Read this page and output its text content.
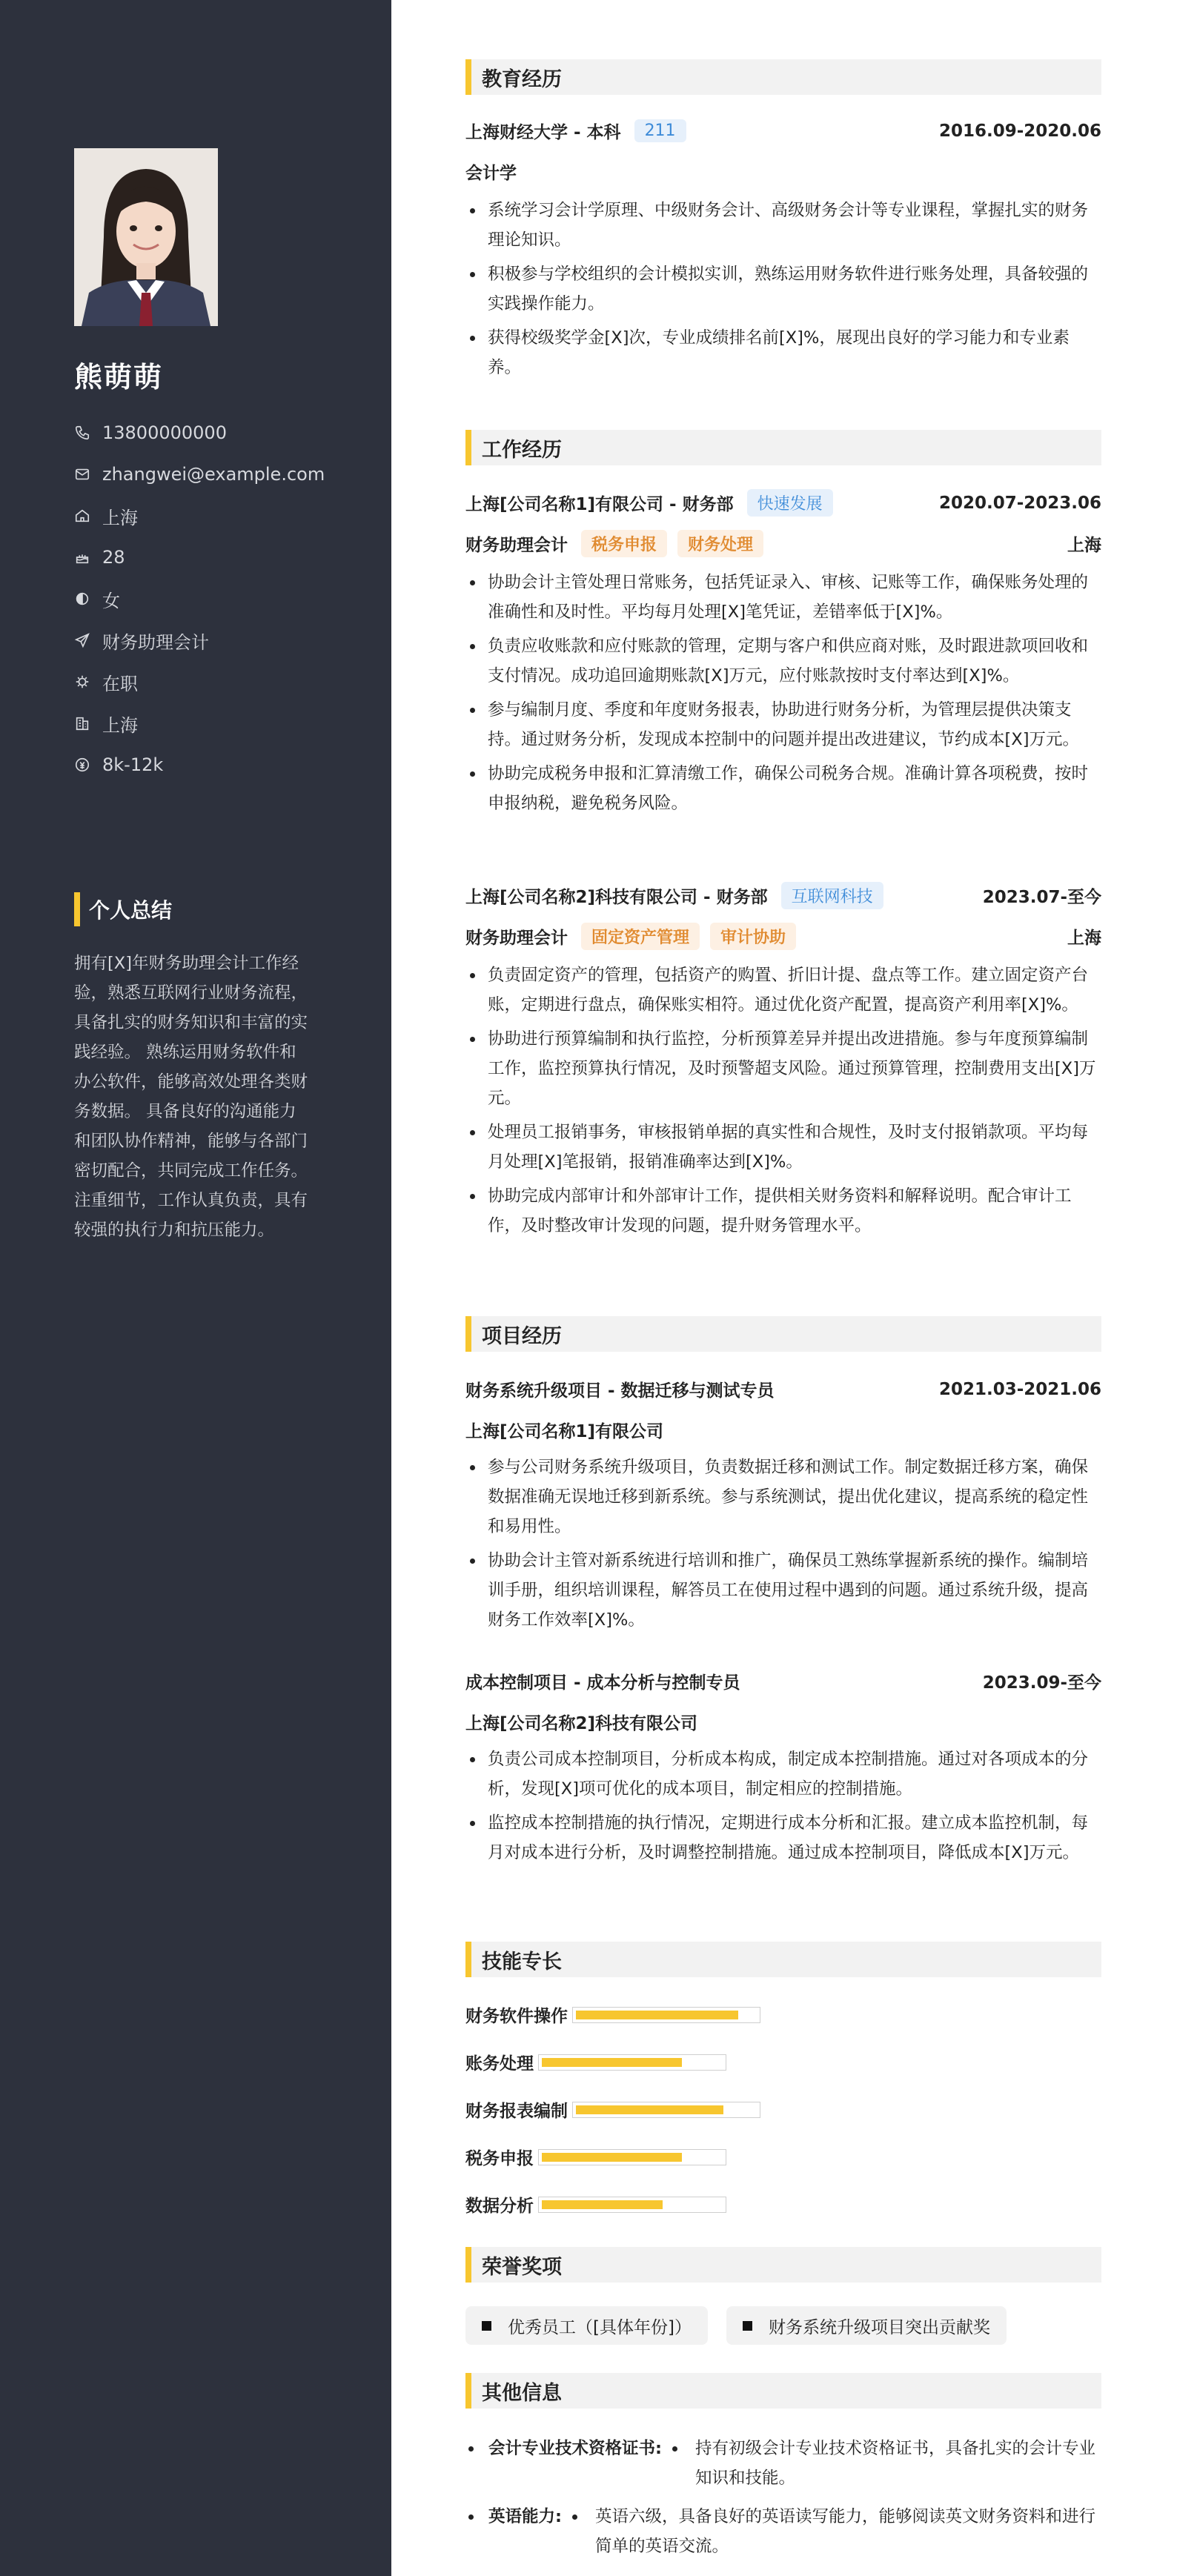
熊萌萌
13800000000
zhangwei@example.com
上海
28
女
财务助理会计
在职
上海
8k-12k
个人总结
拥有[X]年财务助理会计工作经验，熟悉互联网行业财务流程，具备扎实的财务知识和丰富的实践经验。 熟练运用财务软件和办公软件，能够高效处理各类财务数据。 具备良好的沟通能力和团队协作精神，能够与各部门密切配合，共同完成工作任务。 注重细节，工作认真负责，具有较强的执行力和抗压能力。
教育经历
上海财经大学 - 本科	211	2016.09-2020.06
会计学
系统学习会计学原理、中级财务会计、高级财务会计等专业课程，掌握扎实的财务理论知识。
积极参与学校组织的会计模拟实训，熟练运用财务软件进行账务处理，具备较强的实践操作能力。
获得校级奖学金[X]次，专业成绩排名前[X]%，展现出良好的学习能力和专业素养。
工作经历
上海[公司名称1]有限公司 - 财务部	快速发展	2020.07-2023.06
财务助理会计	税务申报	财务处理	上海
协助会计主管处理日常账务，包括凭证录入、审核、记账等工作，确保账务处理的准确性和及时性。平均每月处理[X]笔凭证，差错率低于[X]%。
负责应收账款和应付账款的管理，定期与客户和供应商对账，及时跟进款项回收和支付情况。成功追回逾期账款[X]万元，应付账款按时支付率达到[X]%。
参与编制月度、季度和年度财务报表，协助进行财务分析，为管理层提供决策支持。通过财务分析，发现成本控制中的问题并提出改进建议，节约成本[X]万元。
协助完成税务申报和汇算清缴工作，确保公司税务合规。准确计算各项税费，按时申报纳税，避免税务风险。
上海[公司名称2]科技有限公司 - 财务部	互联网科技	2023.07-至今
财务助理会计	固定资产管理	审计协助	上海
负责固定资产的管理，包括资产的购置、折旧计提、盘点等工作。建立固定资产台账，定期进行盘点，确保账实相符。通过优化资产配置，提高资产利用率[X]%。
协助进行预算编制和执行监控，分析预算差异并提出改进措施。参与年度预算编制工作，监控预算执行情况，及时预警超支风险。通过预算管理，控制费用支出[X]万元。
处理员工报销事务，审核报销单据的真实性和合规性，及时支付报销款项。平均每月处理[X]笔报销，报销准确率达到[X]%。
协助完成内部审计和外部审计工作，提供相关财务资料和解释说明。配合审计工作，及时整改审计发现的问题，提升财务管理水平。
项目经历
财务系统升级项目 - 数据迁移与测试专员	2021.03-2021.06
上海[公司名称1]有限公司
参与公司财务系统升级项目，负责数据迁移和测试工作。制定数据迁移方案，确保数据准确无误地迁移到新系统。参与系统测试，提出优化建议，提高系统的稳定性和易用性。
协助会计主管对新系统进行培训和推广，确保员工熟练掌握新系统的操作。编制培训手册，组织培训课程，解答员工在使用过程中遇到的问题。通过系统升级，提高财务工作效率[X]%。
成本控制项目 - 成本分析与控制专员	2023.09-至今
上海[公司名称2]科技有限公司
负责公司成本控制项目，分析成本构成，制定成本控制措施。通过对各项成本的分析，发现[X]项可优化的成本项目，制定相应的控制措施。
监控成本控制措施的执行情况，定期进行成本分析和汇报。建立成本监控机制，每月对成本进行分析，及时调整控制措施。通过成本控制项目，降低成本[X]万元。
技能专长
财务软件操作
账务处理
财务报表编制
税务申报
数据分析
荣誉奖项
优秀员工（[具体年份]）	财务系统升级项目突出贡献奖
其他信息
会计专业技术资格证书: 持有初级会计专业技术资格证书，具备扎实的会计专业知识和技能。
英语能力: 英语六级，具备良好的英语读写能力，能够阅读英文财务资料和进行简单的英语交流。
